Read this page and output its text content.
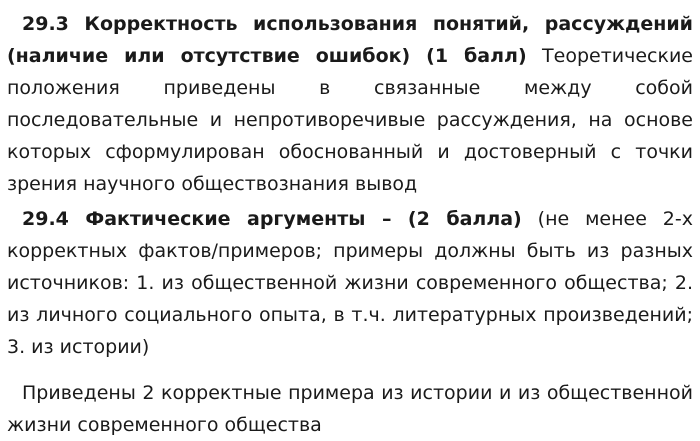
29.3 Корректность использования понятий, рассуждений (наличие или отсутствие ошибок) (1 балл) Теоретические положения приведены в связанные между собой последовательные и непротиворечивые рассуждения, на основе которых сформулирован обоснованный и достоверный с точки зрения научного обществознания вывод

29.4 Фактические аргументы – (2 балла) (не менее 2-х корректных фактов/примеров; примеры должны быть из разных источников: 1. из общественной жизни современного общества; 2. из личного социального опыта, в т.ч. литературных произведений; 3. из истории)

Приведены 2 корректные примера из истории и из общественной жизни современного общества
